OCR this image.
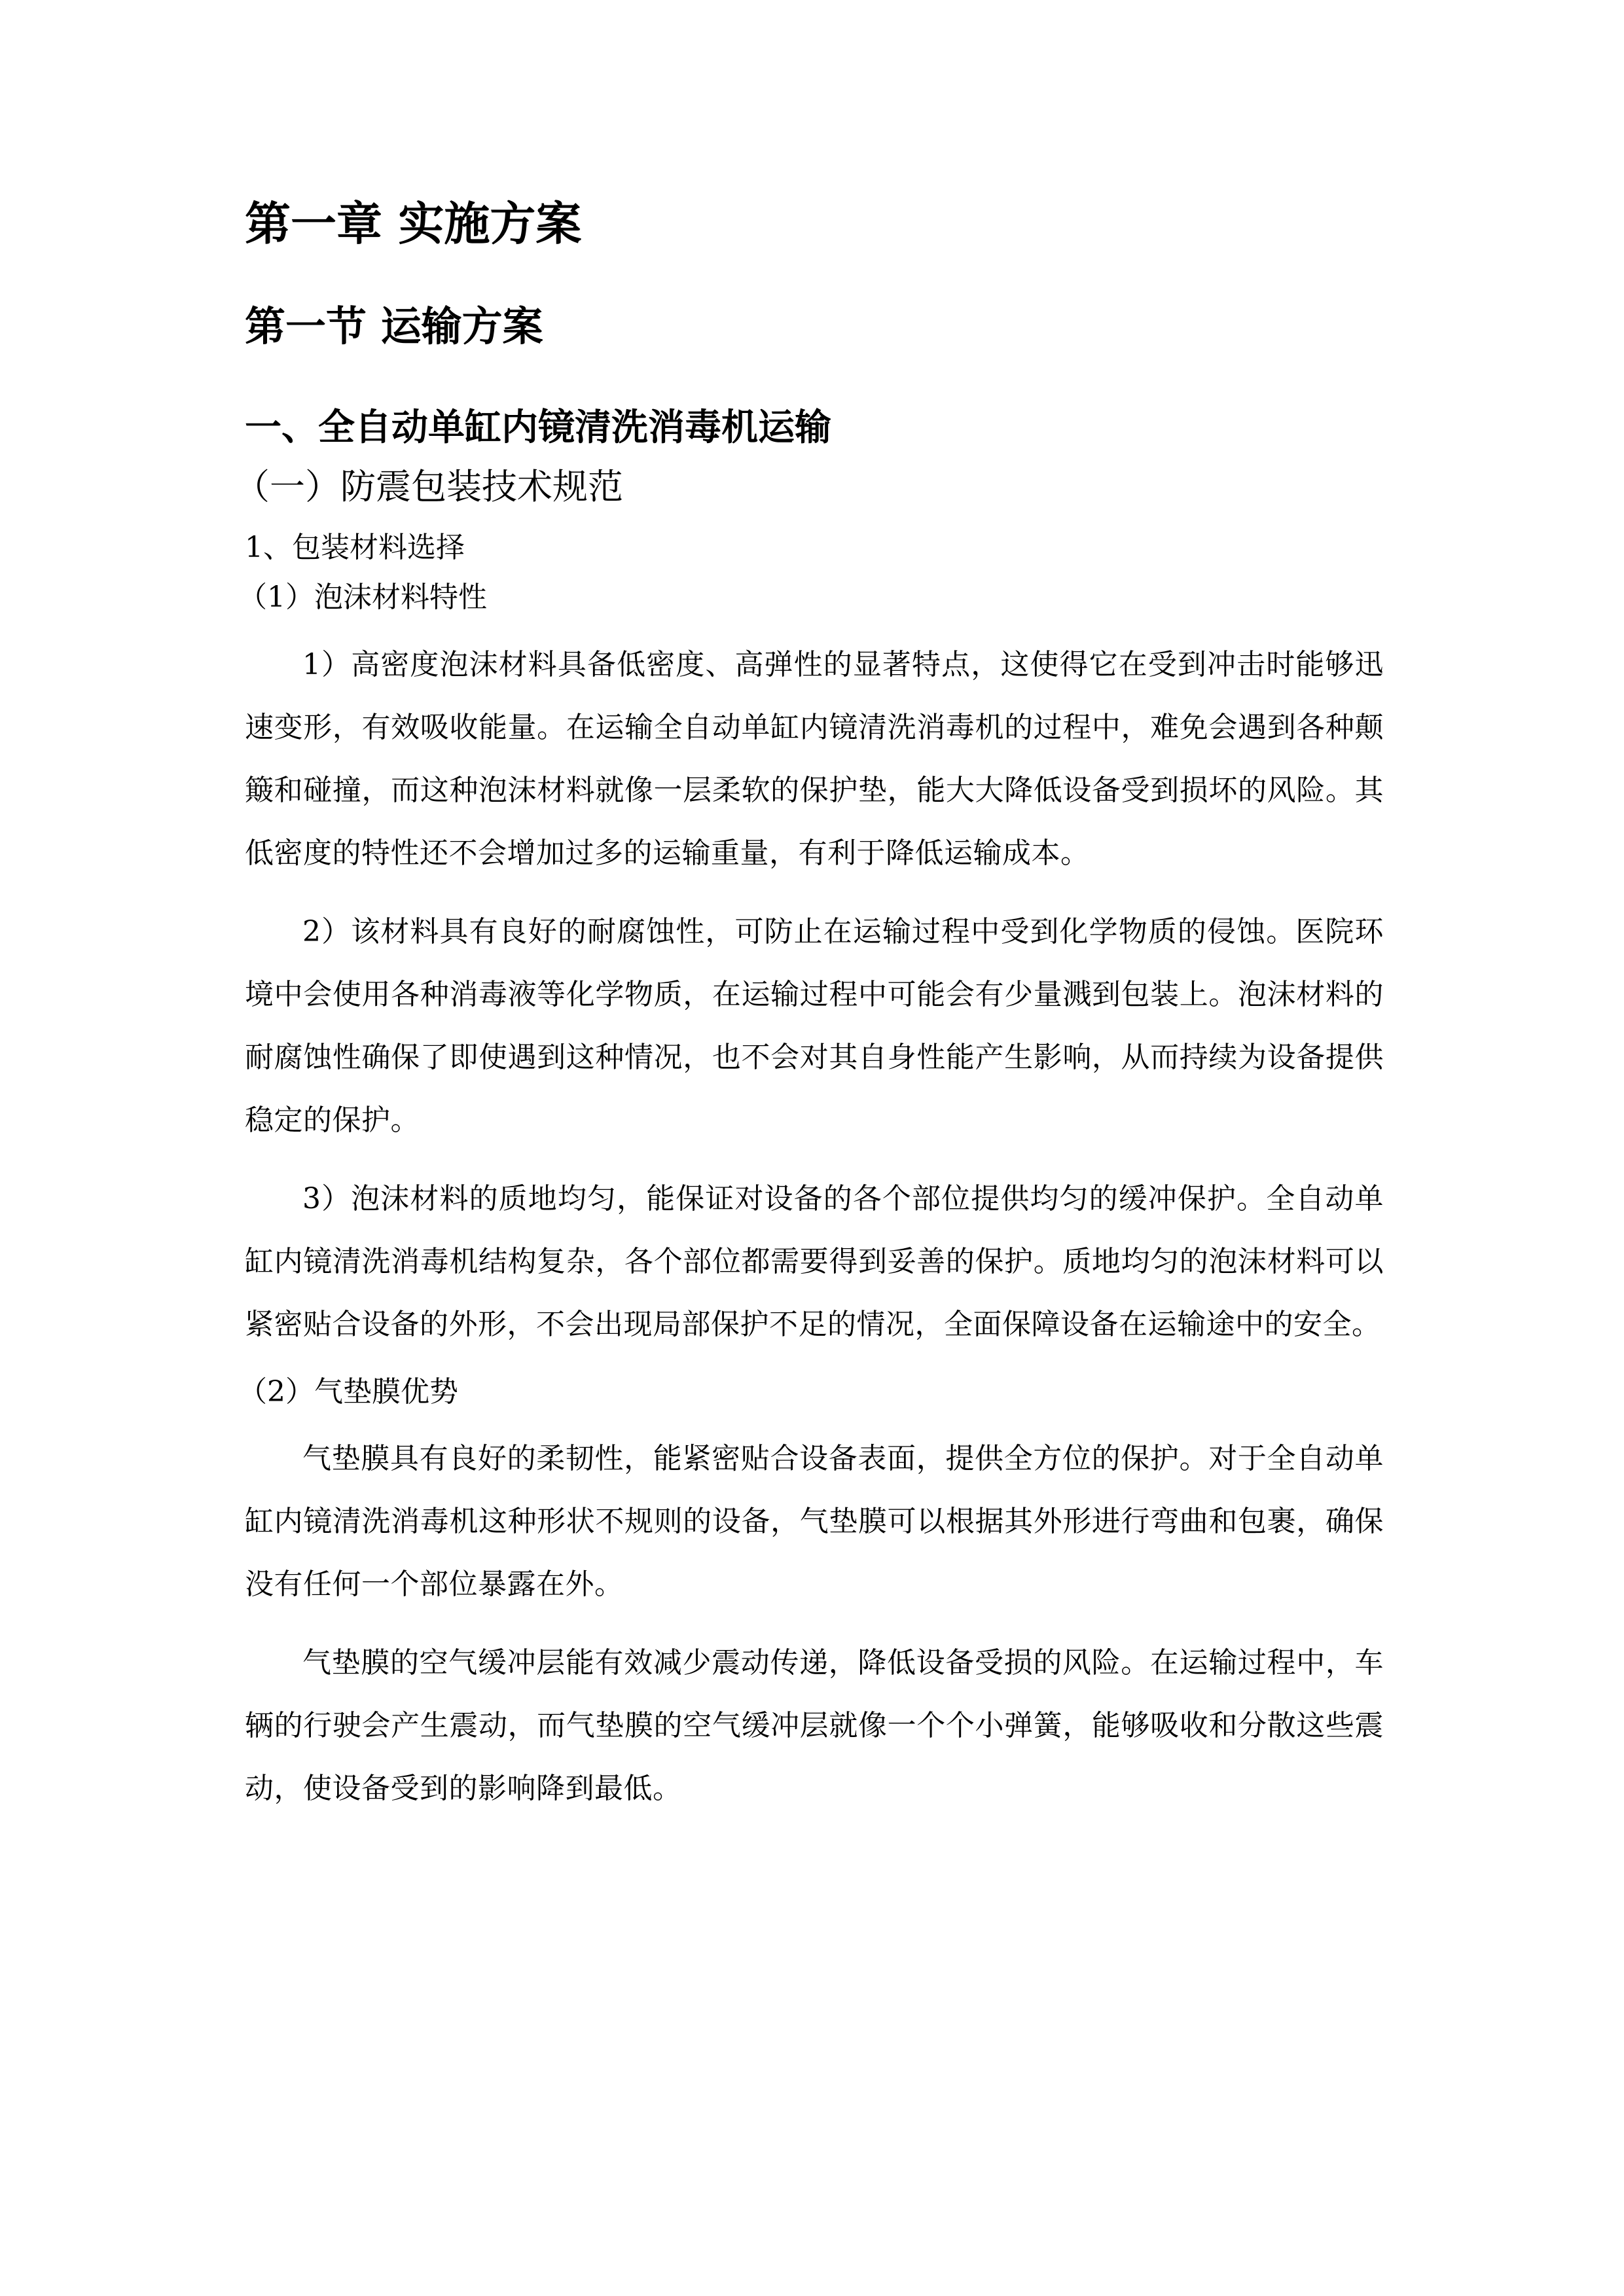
第一章 实施方案
第一节 运输方案
一、全自动单缸内镜清洗消毒机运输
（一）防震包装技术规范
1、包装材料选择
（1）泡沫材料特性

1）高密度泡沫材料具备低密度、高弹性的显著特点，这使得它在受到冲击时能够迅速变形，有效吸收能量。在运输全自动单缸内镜清洗消毒机的过程中，难免会遇到各种颠簸和碰撞，而这种泡沫材料就像一层柔软的保护垫，能大大降低设备受到损坏的风险。其低密度的特性还不会增加过多的运输重量，有利于降低运输成本。

2）该材料具有良好的耐腐蚀性，可防止在运输过程中受到化学物质的侵蚀。医院环境中会使用各种消毒液等化学物质，在运输过程中可能会有少量溅到包装上。泡沫材料的耐腐蚀性确保了即使遇到这种情况，也不会对其自身性能产生影响，从而持续为设备提供稳定的保护。

3）泡沫材料的质地均匀，能保证对设备的各个部位提供均匀的缓冲保护。全自动单缸内镜清洗消毒机结构复杂，各个部位都需要得到妥善的保护。质地均匀的泡沫材料可以紧密贴合设备的外形，不会出现局部保护不足的情况，全面保障设备在运输途中的安全。

（2）气垫膜优势

气垫膜具有良好的柔韧性，能紧密贴合设备表面，提供全方位的保护。对于全自动单缸内镜清洗消毒机这种形状不规则的设备，气垫膜可以根据其外形进行弯曲和包裹，确保没有任何一个部位暴露在外。

气垫膜的空气缓冲层能有效减少震动传递，降低设备受损的风险。在运输过程中，车辆的行驶会产生震动，而气垫膜的空气缓冲层就像一个个小弹簧，能够吸收和分散这些震动，使设备受到的影响降到最低。
